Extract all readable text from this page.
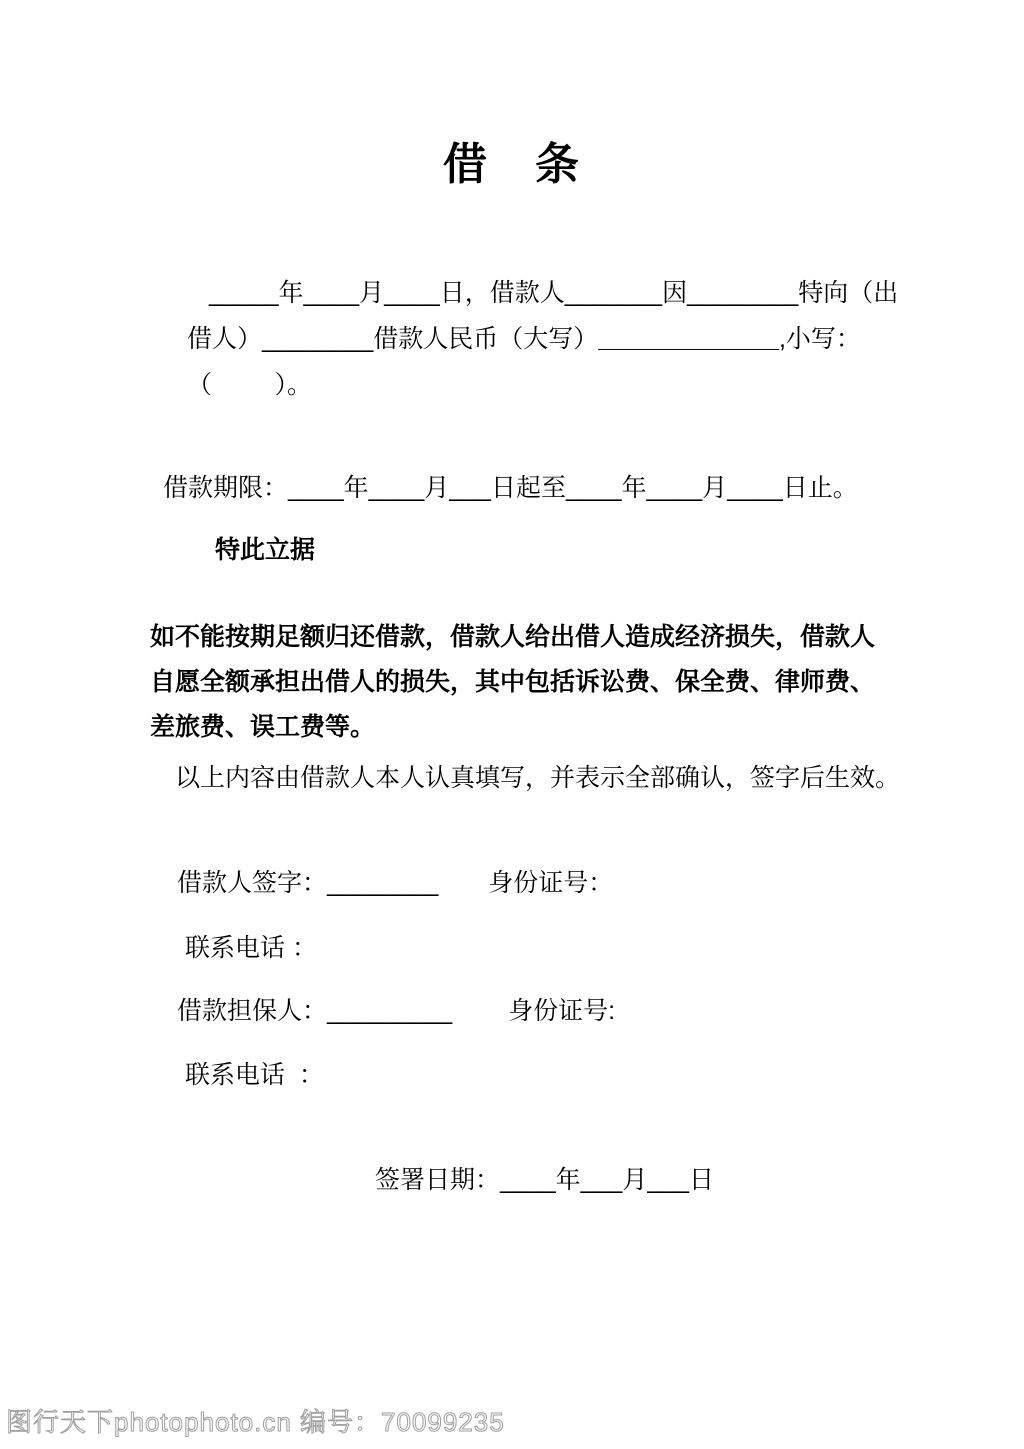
借　条
_____年____月____日，借款人_______因________特向（出
借人）________借款人民币（大写）_____________,小写：
（         ）。
借款期限：____年____月___日起至____年____月____日止。
特此立据
如不能按期足额归还借款，借款人给出借人造成经济损失，借款人
自愿全额承担出借人的损失，其中包括诉讼费、保全费、律师费、
差旅费、误工费等。
以上内容由借款人本人认真填写，并表示全部确认，签字后生效。
借款人签字：________ 身份证号：
联系电话 ：
借款担保人：_________ 身份证号:
联系电话  ：
签署日期：____年___月___日
图行天下photophoto.cn 编号：70099235
